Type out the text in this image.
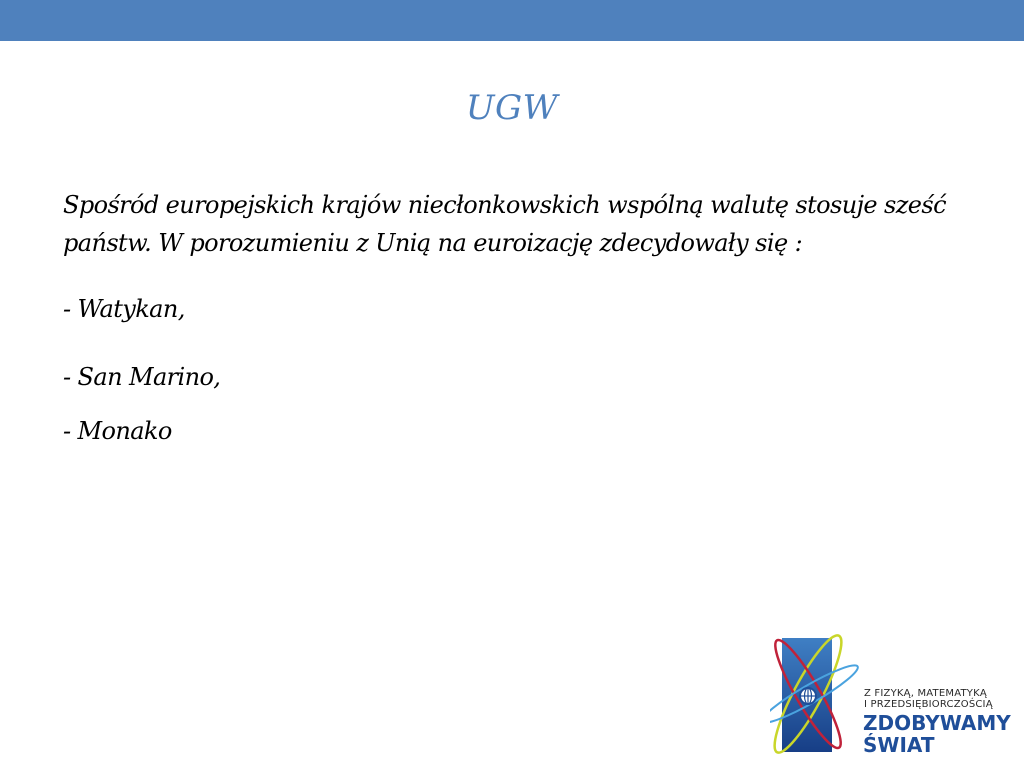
UGW

Spośród europejskich krajów niecłonkowskich wspólną walutę stosuje sześć państw. W porozumieniu z Unią na euroizację zdecydowały się :

- Watykan,

- San Marino,

- Monako

Z FIZYKĄ, MATEMATYKĄ
I PRZEDSIĘBIORCZOŚCIĄ
ZDOBYWAMY
ŚWIAT
